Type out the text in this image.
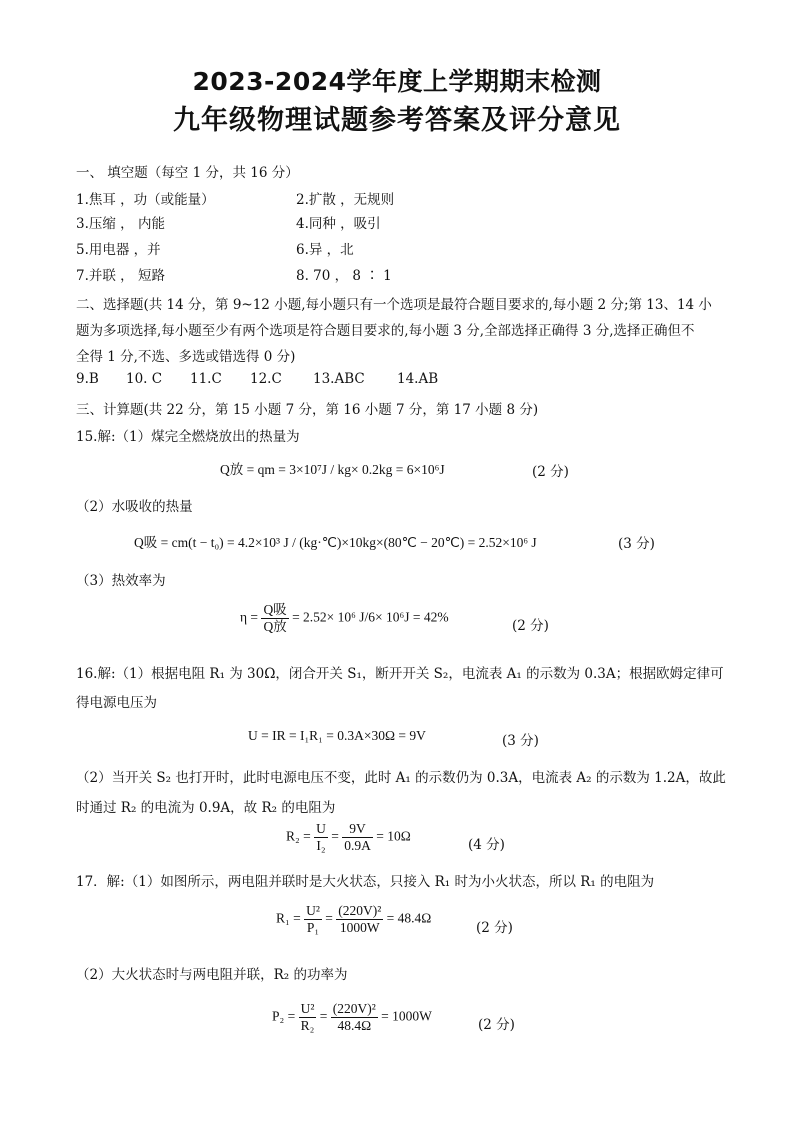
2023-2024学年度上学期期末检测
九年级物理试题参考答案及评分意见
一、 填空题（每空 1 分，共 16 分）
1.焦耳 ，功（或能量）	2.扩散 ，无规则
3.压缩 ， 内能	4.同种 ，吸引
5.用电器 ，并	6.异 ，北
7.并联 ， 短路	8. 70 ， 8 ∶ 1
二、选择题(共 14 分，第 9~12 小题,每小题只有一个选项是最符合题目要求的,每小题 2 分;第 13、14 小
题为多项选择,每小题至少有两个选项是符合题目要求的,每小题 3 分,全部选择正确得 3 分,选择正确但不
全得 1 分,不选、多选或错选得 0 分)
9.B 10. C 11.C 12.C 13.ABC 14.AB
三、计算题(共 22 分，第 15 小题 7 分，第 16 小题 7 分，第 17 小题 8 分)
15.解:（1）煤完全燃烧放出的热量为
Q放 = qm = 3×10⁷J / kg× 0.2kg = 6×10⁶J	(2 分)
（2）水吸收的热量
Q吸 = cm(t − t₀) = 4.2×10³ J / (kg·℃)×10kg×(80℃ − 20℃) = 2.52×10⁶ J	(3 分)
（3）热效率为
$\eta = \frac{\text{Q吸}}{\text{Q放}} = 2.52\times 10^6$ J/6× 10⁶J = 42%
(2 分)
16.解:（1）根据电阻 R₁ 为 30Ω，闭合开关 S₁，断开开关 S₂，电流表 A₁ 的示数为 0.3A；根据欧姆定律可
得电源电压为
U = IR = I₁R₁ = 0.3A×30Ω = 9V	(3 分)
（2）当开关 S₂ 也打开时，此时电源电压不变，此时 A₁ 的示数仍为 0.3A，电流表 A₂ 的示数为 1.2A，故此
时通过 R₂ 的电流为 0.9A，故 R₂ 的电阻为
$R_2 = \frac{U}{\text{I₂}} = \frac{9V}{0.9A} = 10\Omega$
(4 分)
17．解:（1）如图所示，两电阻并联时是大火状态，只接入 R₁ 时为小火状态，所以 R₁ 的电阻为
$R_1 = \frac{\text{U²}}{\text{P₁}} = \frac{\text{(220V)²}}{1000W} = 48.4\Omega$
(2 分)
（2）大火状态时与两电阻并联，R₂ 的功率为
$P_2 = \frac{\text{U²}}{\text{R₂}} = \frac{\text{(220V)²}}{48.4\Omega} = 1000W$
(2 分)
